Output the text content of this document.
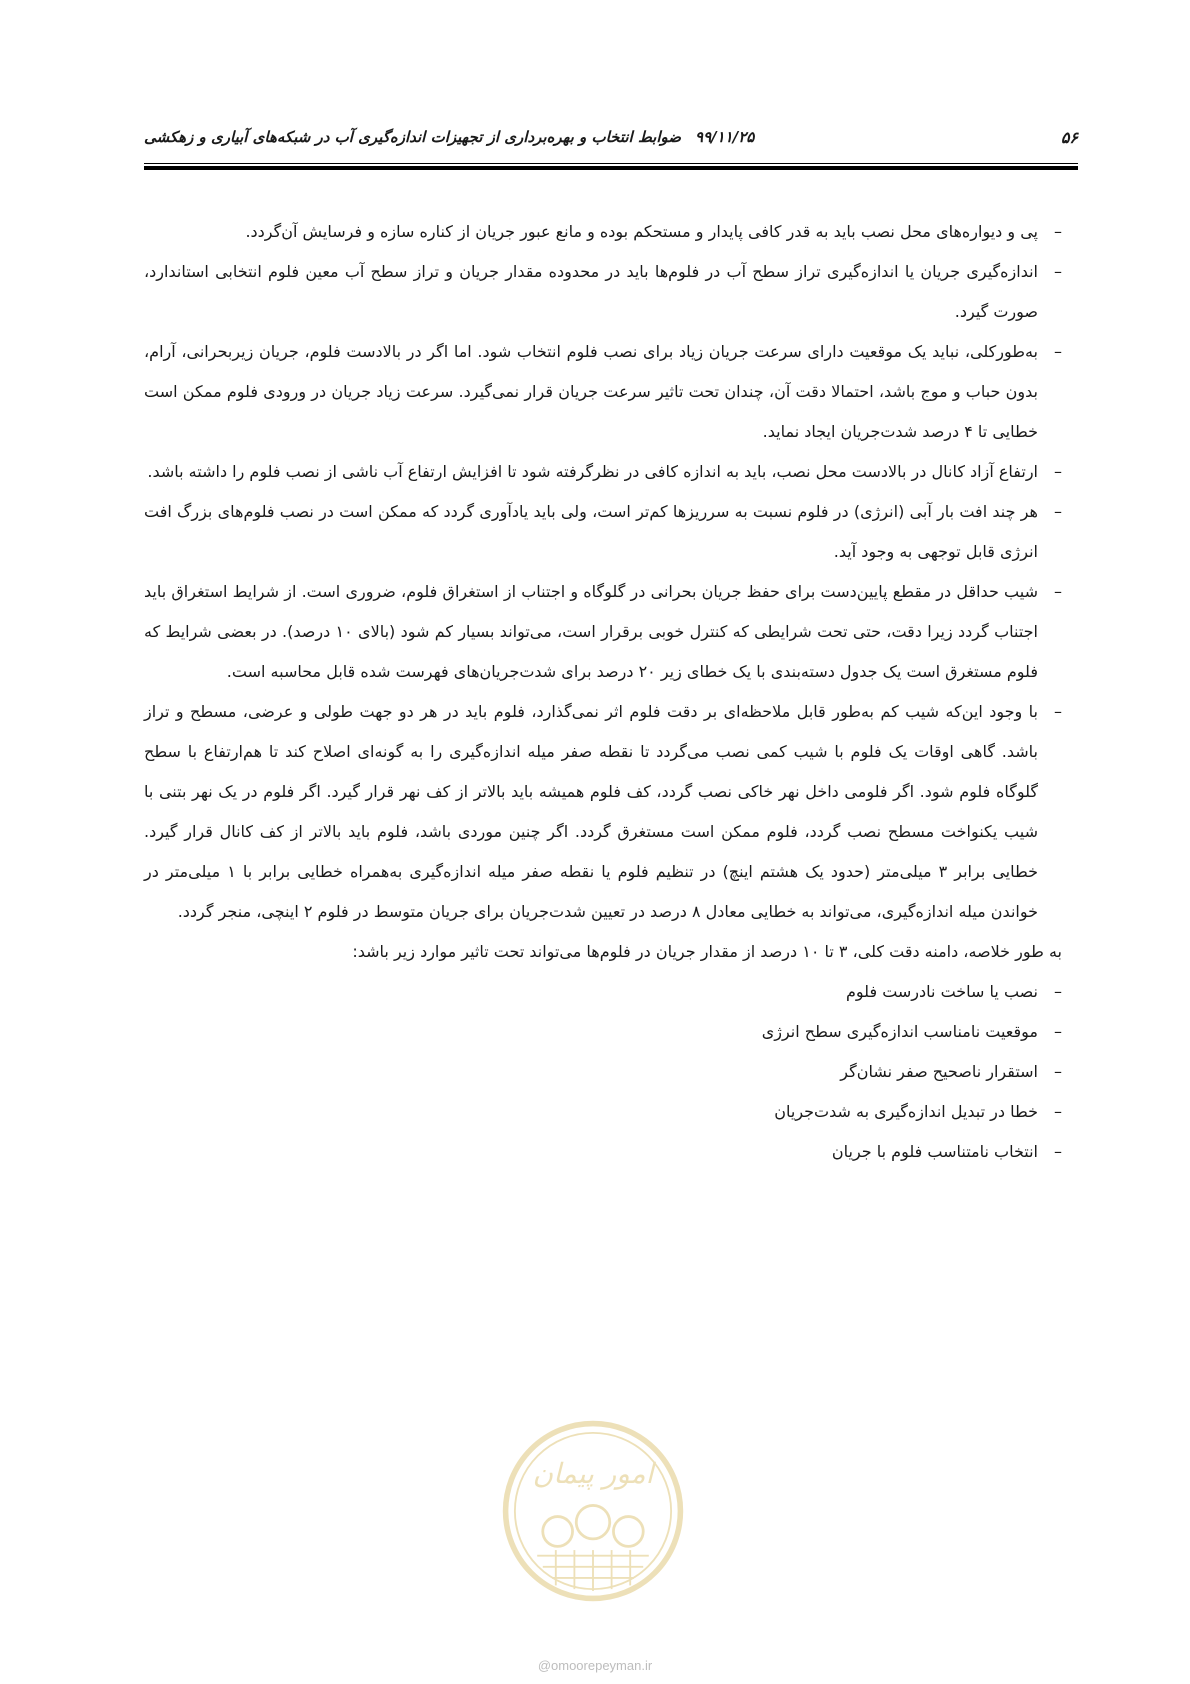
۵۶
۹۹/۱۱/۲۵ضوابط انتخاب و بهره‌برداری از تجهیزات اندازه‌گیری آب در شبکه‌های آبیاری و زهکشی
–
پی و دیواره‌های محل نصب باید به قدر کافی پایدار و مستحکم بوده و مانع عبور جریان از کناره سازه و فرسایش آن‌گردد.
–
اندازه‌گیری جریان یا اندازه‌گیری تراز سطح آب در فلوم‌ها باید در محدوده مقدار جریان و تراز سطح آب معین فلوم انتخابی استاندارد، صورت گیرد.
–
به‌طورکلی، نباید یک موقعیت دارای سرعت جریان زیاد برای نصب فلوم انتخاب شود. اما اگر در بالادست فلوم، جریان زیربحرانی، آرام، بدون حباب و موج باشد، احتمالا دقت آن، چندان تحت تاثیر سرعت جریان قرار نمی‌گیرد. سرعت زیاد جریان در ورودی فلوم ممکن است خطایی تا ۴ درصد شدت‌جریان ایجاد نماید.
–
ارتفاع آزاد کانال در بالادست محل نصب، باید به اندازه کافی در نظرگرفته شود تا افزایش ارتفاع آب ناشی از نصب فلوم را داشته باشد.
–
هر چند افت بار آبی (انرژی) در فلوم نسبت به سرریزها کم‌تر است، ولی باید یادآوری گردد که ممکن است در نصب فلوم‌های بزرگ افت انرژی قابل توجهی به وجود آید.
–
شیب حداقل در مقطع پایین‌دست برای حفظ جریان بحرانی در گلوگاه و اجتناب از استغراق فلوم، ضروری است. از شرایط استغراق باید اجتناب گردد زیرا دقت، حتی تحت شرایطی که کنترل خوبی برقرار است، می‌تواند بسیار کم شود (بالای ۱۰ درصد). در بعضی شرایط که فلوم مستغرق است یک جدول دسته‌بندی با یک خطای زیر ۲۰ درصد برای شدت‌جریان‌های فهرست شده قابل محاسبه است.
–
با وجود این‌که شیب کم به‌طور قابل ملاحظه‌ای بر دقت فلوم اثر نمی‌گذارد، فلوم باید در هر دو جهت طولی و عرضی، مسطح و تراز باشد. گاهی اوقات یک فلوم با شیب کمی نصب می‌گردد تا نقطه صفر میله اندازه‌گیری را به گونه‌ای اصلاح کند تا هم‌ارتفاع با سطح گلوگاه فلوم شود. اگر فلومی داخل نهر خاکی نصب گردد، کف فلوم همیشه باید بالاتر از کف نهر قرار گیرد. اگر فلوم در یک نهر بتنی با شیب یکنواخت مسطح نصب گردد، فلوم ممکن است مستغرق گردد. اگر چنین موردی باشد، فلوم باید بالاتر از کف کانال قرار گیرد. خطایی برابر ۳ میلی‌متر (حدود یک هشتم اینچ) در تنظیم فلوم یا نقطه صفر میله اندازه‌گیری به‌همراه خطایی برابر با ۱ میلی‌متر در خواندن میله اندازه‌گیری، می‌تواند به خطایی معادل ۸ درصد در تعیین شدت‌جریان برای جریان متوسط در فلوم ۲ اینچی، منجر گردد.

به طور خلاصه، دامنه دقت کلی، ۳ تا ۱۰ درصد از مقدار جریان در فلوم‌ها می‌تواند تحت تاثیر موارد زیر باشد:

–
نصب یا ساخت نادرست فلوم
–
موقعیت نامناسب اندازه‌گیری سطح انرژی
–
استقرار ناصحیح صفر نشان‌گر
–
خطا در تبدیل اندازه‌گیری به شدت‌جریان
–
انتخاب نامتناسب فلوم با جریان
امور پیمان
@omoorepeyman.ir
